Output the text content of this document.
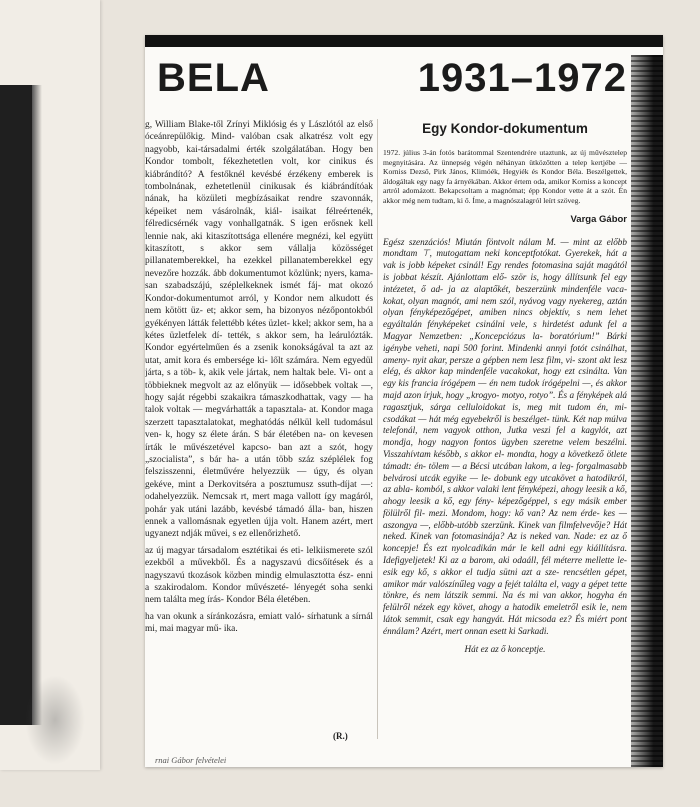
BELA	1931–1972

g, William Blake-től Zrínyi Miklósig és y Lászlótól az első óceánrepülőkig. Mind- valóban csak alkatrész volt egy nagyobb, kai-társadalmi érték szolgálatában. Hogy ben Kondor tombolt, fékezhetetlen volt, kor cinikus és kiábrándító? A festőknél kevésbé érzékeny emberek is tombolnának, ezhetetlenül cinikusak és kiábrándítóak nának, ha közületi megbízásaikat rendre szavonnák, képeiket nem vásárolnák, kiál- isaikat félreértenék, félredicsérnék vagy vonhallgatnák. S igen erősnek kell lennie nak, aki kitaszítottsága ellenére megnézi, kel együtt kitaszított, s akkor sem vállalja közösséget pillanatemberekkel, ha ezekkel pillanatemberekkel egy nevezőre hozzák. ább dokumentumot közlünk; nyers, kama- san szabadszájú, széplelkeknek ismét fáj- mat okozó Kondor-dokumentumot arról, y Kondor nem alkudott és nem kötött üz- et; akkor sem, ha bizonyos nézőpontokból gyékényen látták felettébb kétes üzlet- kkel; akkor sem, ha a kétes üzletfelek dí- tették, s akkor sem, ha leárulózták. Kondor egyértelműen és a zsenik konokságával ta azt az utat, amit kora és embersége ki- lőlt számára. Nem egyedül járta, s a töb- k, akik vele jártak, nem haltak bele. Vi- ont a többieknek megvolt az az előnyük — idősebbek voltak —, hogy saját régebbi szakaikra támaszkodhattak, vagy — ha talok voltak — megvárhatták a tapasztala- at. Kondor maga szerzett tapasztalatokat, meghatódás nélkül kell tudomásul ven- k, hogy sz élete árán. S bár életében na- on kevesen írták le művészetével kapcso- ban azt a szót, hogy „szocialista”, s bár ha- a után több száz széplélek fog felszisszenni, életművére helyezzük — úgy, és olyan gekéve, mint a Derkovitséra a posztumusz ssuth-díjat —: odahelyezzük. Nemcsak rt, mert maga vallott így magáról, pohár yak utáni lazább, kevésbé támadó álla- ban, hiszen ennek a vallomásnak egyetlen újja volt. Hanem azért, mert ugyanezt ndják művei, s ez ellenőrizhető.

az új magyar társadalom esztétikai és eti- lelkiismerete szól ezekből a művekből. És a nagyszavú dicsőítések és a nagyszavú tkozások közben mindig elmulasztotta ész- enni a szakirodalom. Kondor művészeté- lényegét soha senki nem találta meg írás- Kondor Béla életében.

ha van okunk a síránkozásra, emiatt való- sírhatunk a sírnál mi, mai magyar mű- ika.

(R.)
rnai Gábor felvételei
Egy Kondor-dokumentum

1972. július 3-án fotós barátommal Szentendrére utaztunk, az új művésztelep megnyitására. Az ünnepség végén néhányan ütközőtten a telep kertjébe — Korniss Dezső, Pirk János, Klimóék, Hegyiék és Kondor Béla. Beszélgettek, áldogáltak egy nagy fa árnyékában. Akkor értem oda, amikor Korniss a koncept artról adomázott. Bekapcsoltam a magnómat; épp Kondor vette át a szót. Én akkor még nem tudtam, ki ő. Íme, a magnószalagról leírt szöveg.

Varga Gábor

Egész szenzációs! Miután föntvolt nálam M. — mint az előbb mondtam ⊤, mutogattam neki konceptfotókat. Gyerekek, hát a vak is jobb képeket csinál! Egy rendes fotomasina saját magától is jobbat készít. Ajánlottam elő- ször is, hogy állítsunk fel egy intézetet, ő ad- ja az alaptőkét, beszerzünk mindenféle vaca- kokat, olyan magnót, ami nem szól, nyávog vagy nyekereg, aztán olyan fényképezőgépet, amiben nincs objektív, s nem lehet egyáltalán fényképeket csinálni vele, s hirdetést adunk fel a Magyar Nemzetben: „Koncepciózus la- boratórium!” Bárki igénybe veheti, napi 500 forint. Mindenki annyi fotót csinálhat, ameny- nyit akar, persze a gépben nem lesz film, vi- szont akt lesz elég, és akkor kap mindenféle vacakokat, hogy ezt csinálta. Van egy kis francia írógépem — én nem tudok írógépelni —, és akkor majd azon írjuk, hogy „krogyo- motyo, rotyo”. És a fényképek alá ragasztjuk, sárga celluloidokat is, meg mit tudom én, mi- csodákat — hát még egyebekről is beszélget- tünk. Két nap múlva telefonál, nem vagyok otthon, Jutka veszi fel a kagylót, azt mondja, hogy nagyon fontos ügyben szeretne velem beszélni. Visszahívtam később, s akkor el- mondta, hogy a következő ötlete támadt: én- tölem — a Bécsi utcában lakom, a leg- forgalmasabb belvárosi utcák egyike — le- dobunk egy utcakövet a hatodikról, az abla- komból, s akkor valaki lent fényképezi, ahogy leesik a kő, ahogy leesik a kő, egy fény- képezőgéppel, s egy másik ember fölülről fil- mezi. Mondom, hogy: kő van? Az nem érde- kes — aszongya —, előbb-utóbb szerzünk. Kinek van filmfelvevője? Hát neked. Kinek van fotomasinája? Az is neked van. Nade: ez az ő koncepje! És ezt nyolcadikán már le kell adni egy kiállításra. Idefigyeljetek! Ki az a barom, aki odaáll, fél méterre mellette le- esik egy kő, s akkor el tudja sütni azt a sze- rencsétlen gépet, amikor már valószínűleg vagy a fejét találta el, vagy a gépet tette tönkre, és nem látszik semmi. Na és mi van akkor, hogyha én felülről nézek egy követ, ahogy a hatodik emeletről esik le, nem látok semmit, csak egy hangyát. Hát micsoda ez? És miért pont énnálam? Azért, mert onnan esett ki Sarkadi.

Hát ez az ő konceptje.
